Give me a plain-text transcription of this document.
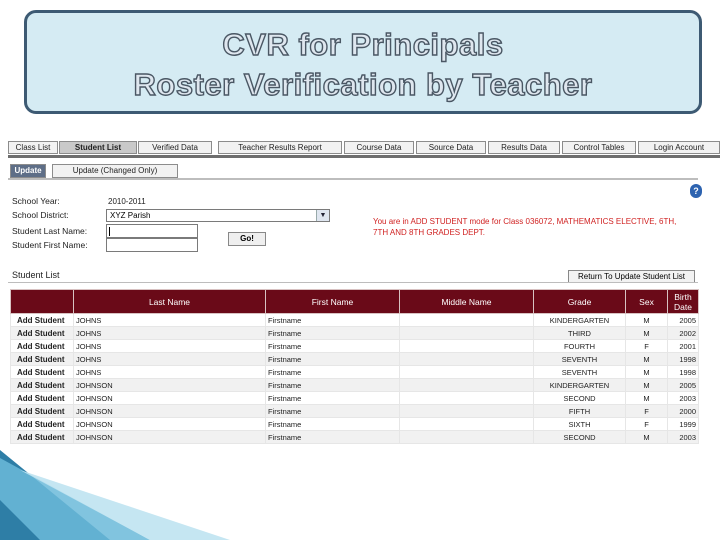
CVR for Principals
Roster Verification by Teacher
Class List	Student List	Verified Data	Teacher Results Report	Course Data	Source Data	Results Data	Control Tables	Login Account
Update	Update (Changed Only)
?
School Year:	2010-2011
School District:	XYZ Parish	▼
Student Last Name:
Student First Name:
Go!
You are in ADD STUDENT mode for Class 036072, MATHEMATICS ELECTIVE, 6TH, 7TH AND 8TH GRADES DEPT.
Student List	Return To Update Student List
	Last Name	First Name	Middle Name	Grade	Sex	Birth Date
Add Student	JOHNS	Firstname		KINDERGARTEN	M	2005
Add Student	JOHNS	Firstname		THIRD	M	2002
Add Student	JOHNS	Firstname		FOURTH	F	2001
Add Student	JOHNS	Firstname		SEVENTH	M	1998
Add Student	JOHNS	Firstname		SEVENTH	M	1998
Add Student	JOHNSON	Firstname		KINDERGARTEN	M	2005
Add Student	JOHNSON	Firstname		SECOND	M	2003
Add Student	JOHNSON	Firstname		FIFTH	F	2000
Add Student	JOHNSON	Firstname		SIXTH	F	1999
Add Student	JOHNSON	Firstname		SECOND	M	2003
